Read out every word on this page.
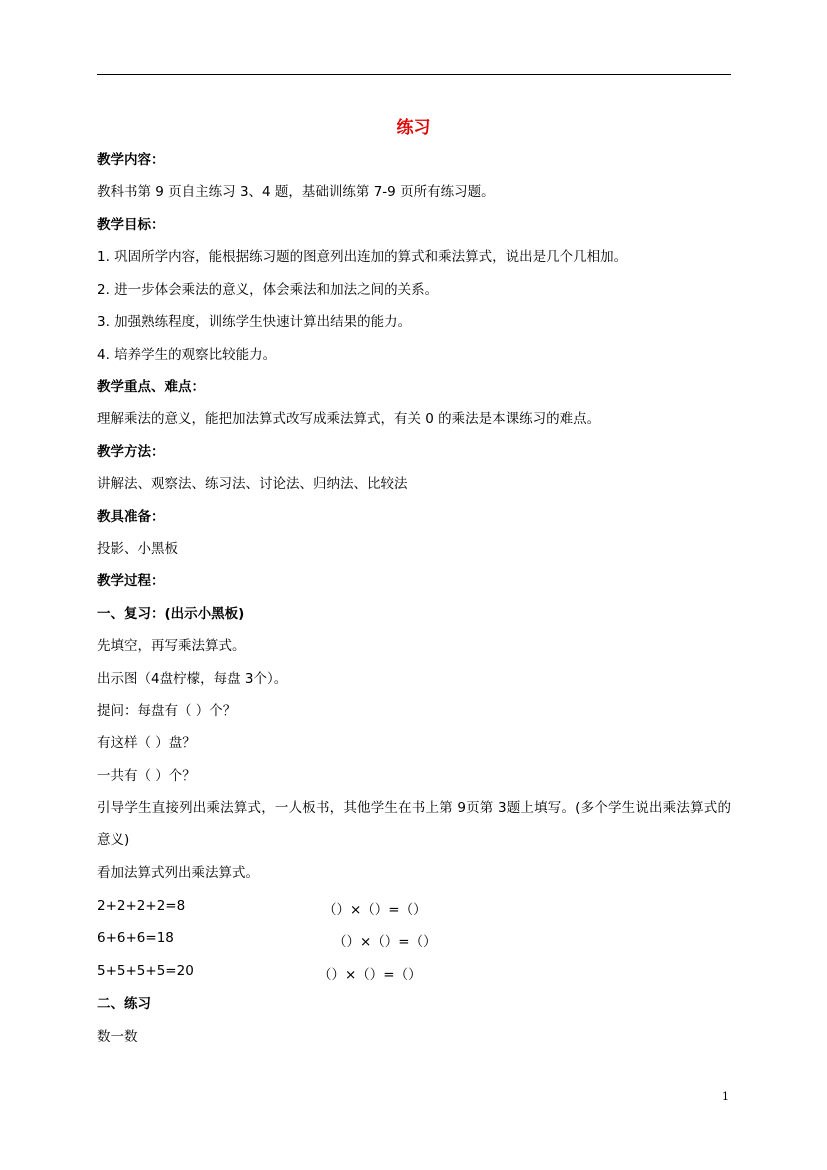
练习
教学内容：
教科书第 9 页自主练习 3、4 题，基础训练第 7-9 页所有练习题。
教学目标：
1. 巩固所学内容，能根据练习题的图意列出连加的算式和乘法算式，说出是几个几相加。
2. 进一步体会乘法的意义，体会乘法和加法之间的关系。
3. 加强熟练程度，训练学生快速计算出结果的能力。
4. 培养学生的观察比较能力。
教学重点、难点：
理解乘法的意义，能把加法算式改写成乘法算式，有关 0 的乘法是本课练习的难点。
教学方法：
讲解法、观察法、练习法、讨论法、归纳法、比较法
教具准备：
投影、小黑板
教学过程：
一、复习：(出示小黑板)
先填空，再写乘法算式。
出示图（4盘柠檬，每盘 3个）。
提问：每盘有（ ）个？
有这样（ ）盘？
一共有（ ）个？
引导学生直接列出乘法算式，一人板书，其他学生在书上第 9页第 3题上填写。(多个学生说出乘法算式的意义)
看加法算式列出乘法算式。
2+2+2+2=8	（）×（）=（）
6+6+6=18	（）×（）=（）
5+5+5+5=20	（）×（）=（）
二、练习
数一数
1
